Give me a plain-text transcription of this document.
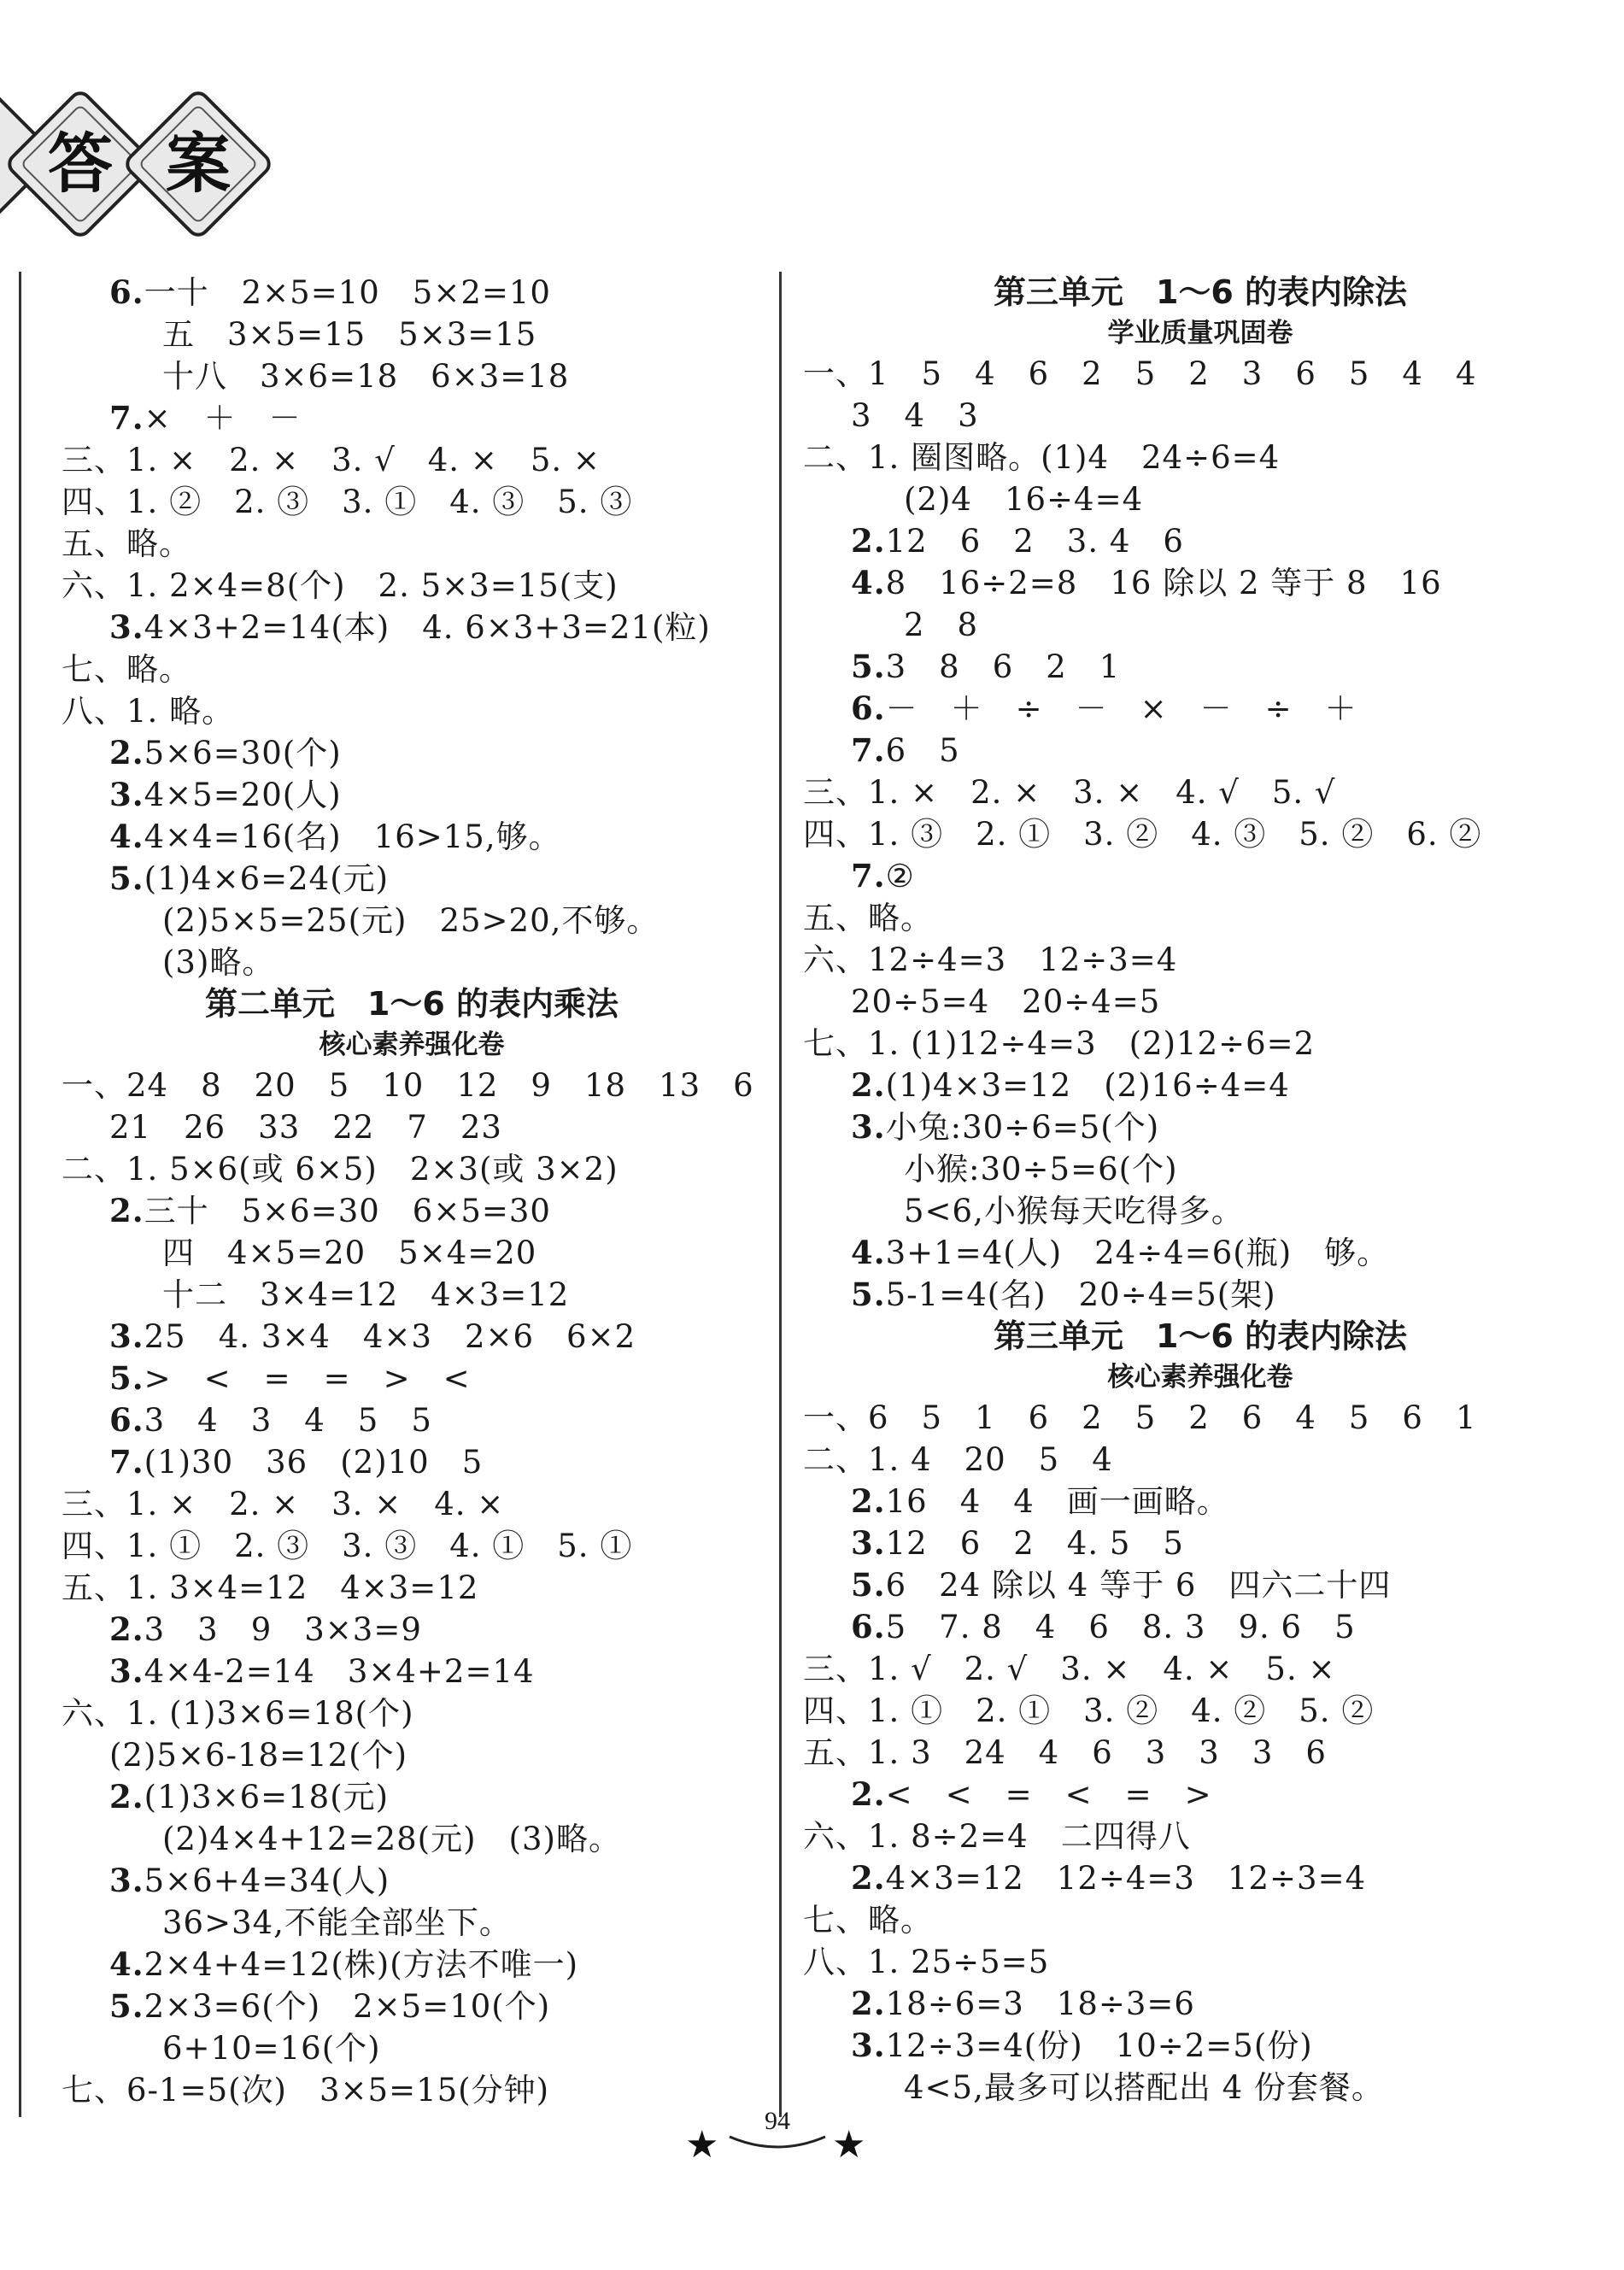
答 案
6.一十　2×5=10　5×2=10
五　3×5=15　5×3=15
十八　3×6=18　6×3=18
7.×　＋　－
三、1. ×　2. ×　3. √　4. ×　5. ×
四、1. ②　2. ③　3. ①　4. ③　5. ③
五、略。
六、1. 2×4=8(个)　2. 5×3=15(支)
3.4×3+2=14(本)　4. 6×3+3=21(粒)
七、略。
八、1. 略。
2.5×6=30(个)
3.4×5=20(人)
4.4×4=16(名)　16>15,够。
5.(1)4×6=24(元)
(2)5×5=25(元)　25>20,不够。
(3)略。
第二单元　1～6 的表内乘法
核心素养强化卷
一、24　8　20　5　10　12　9　18　13　6
21　26　33　22　7　23
二、1. 5×6(或 6×5)　2×3(或 3×2)
2.三十　5×6=30　6×5=30
四　4×5=20　5×4=20
十二　3×4=12　4×3=12
3.25　4. 3×4　4×3　2×6　6×2
5.>　<　=　=　>　<
6.3　4　3　4　5　5
7.(1)30　36　(2)10　5
三、1. ×　2. ×　3. ×　4. ×
四、1. ①　2. ③　3. ③　4. ①　5. ①
五、1. 3×4=12　4×3=12
2.3　3　9　3×3=9
3.4×4-2=14　3×4+2=14
六、1. (1)3×6=18(个)
(2)5×6-18=12(个)
2.(1)3×6=18(元)
(2)4×4+12=28(元)　(3)略。
3.5×6+4=34(人)
36>34,不能全部坐下。
4.2×4+4=12(株)(方法不唯一)
5.2×3=6(个)　2×5=10(个)
6+10=16(个)
七、6-1=5(次)　3×5=15(分钟)
第三单元　1～6 的表内除法
学业质量巩固卷
一、1　5　4　6　2　5　2　3　6　5　4　4
3　4　3
二、1. 圈图略。(1)4　24÷6=4
(2)4　16÷4=4
2.12　6　2　3. 4　6
4.8　16÷2=8　16 除以 2 等于 8　16
2　8
5.3　8　6　2　1
6.－　＋　÷　－　×　－　÷　＋
7.6　5
三、1. ×　2. ×　3. ×　4. √　5. √
四、1. ③　2. ①　3. ②　4. ③　5. ②　6. ②
7.②
五、略。
六、12÷4=3　12÷3=4
20÷5=4　20÷4=5
七、1. (1)12÷4=3　(2)12÷6=2
2.(1)4×3=12　(2)16÷4=4
3.小兔:30÷6=5(个)
小猴:30÷5=6(个)
5<6,小猴每天吃得多。
4.3+1=4(人)　24÷4=6(瓶)　够。
5.5-1=4(名)　20÷4=5(架)
第三单元　1～6 的表内除法
核心素养强化卷
一、6　5　1　6　2　5　2　6　4　5　6　1
二、1. 4　20　5　4
2.16　4　4　画一画略。
3.12　6　2　4. 5　5
5.6　24 除以 4 等于 6　四六二十四
6.5　7. 8　4　6　8. 3　9. 6　5
三、1. √　2. √　3. ×　4. ×　5. ×
四、1. ①　2. ①　3. ②　4. ②　5. ②
五、1. 3　24　4　6　3　3　3　6
2.<　<　=　<　=　>
六、1. 8÷2=4　二四得八
2.4×3=12　12÷4=3　12÷3=4
七、略。
八、1. 25÷5=5
2.18÷6=3　18÷3=6
3.12÷3=4(份)　10÷2=5(份)
4<5,最多可以搭配出 4 份套餐。
94
★	★
